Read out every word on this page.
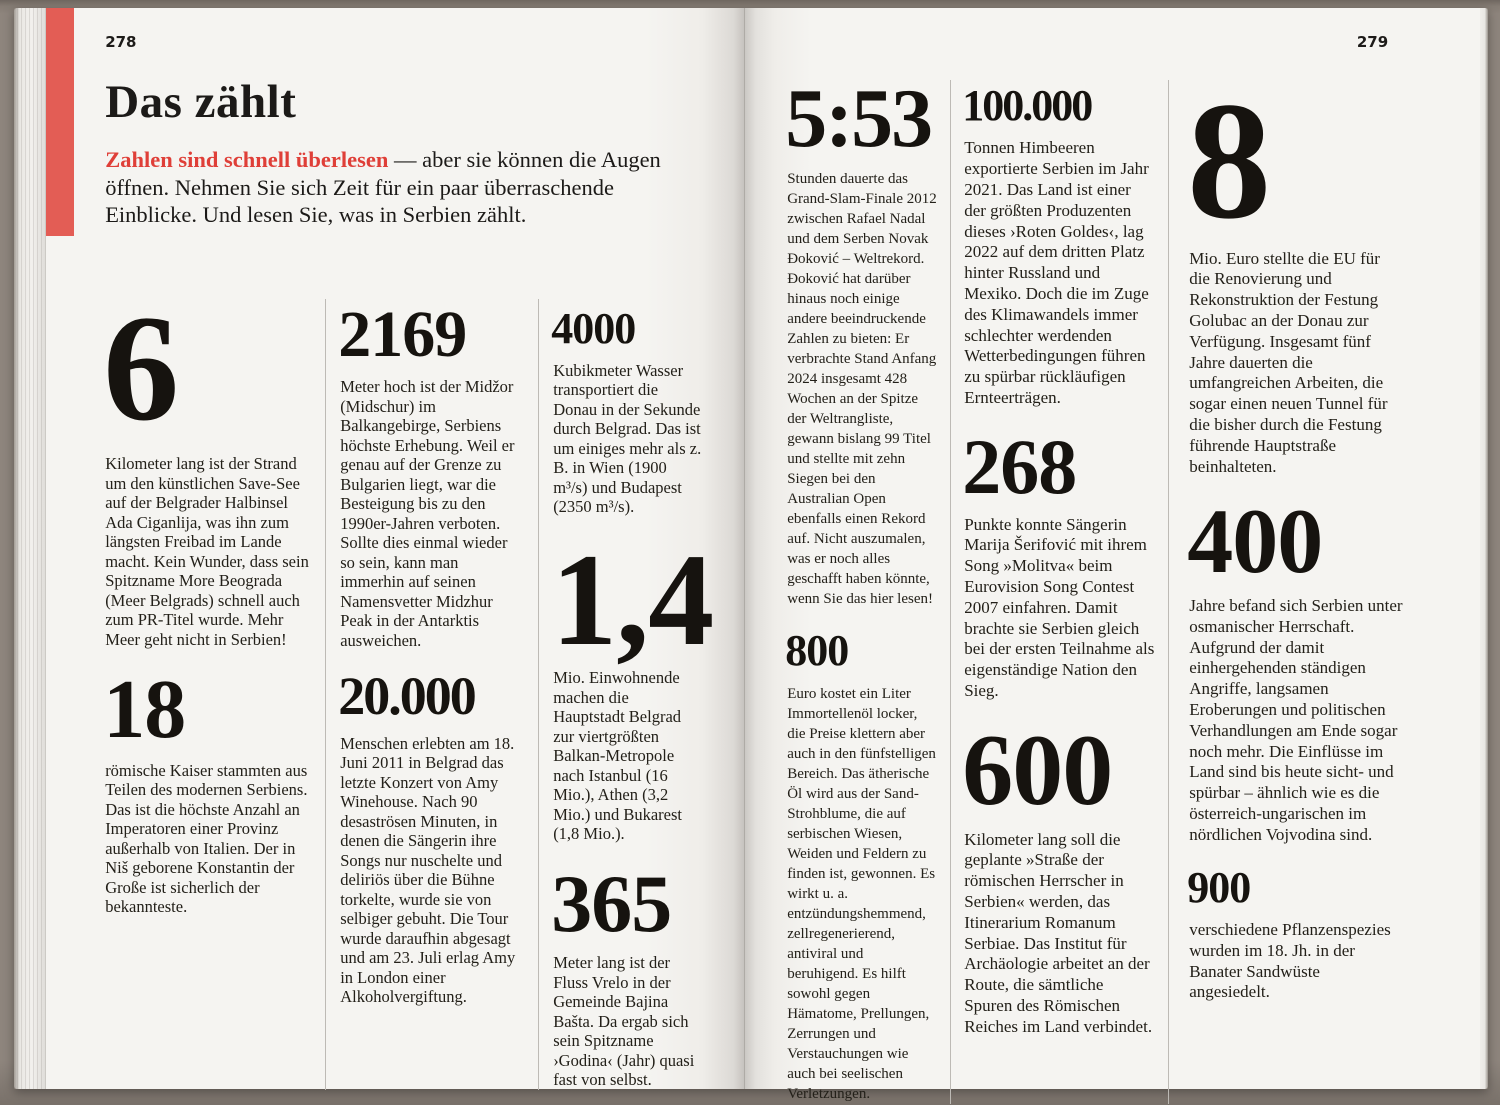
278
Das zählt

Zahlen sind schnell überlesen — aber sie können die Augen öffnen. Nehmen Sie sich Zeit für ein paar überraschende Einblicke. Und lesen Sie, was in Serbien zählt.

6

Kilometer lang ist der Strand um den künstlichen Save-See auf der Belgrader Halbinsel Ada Ciganlija, was ihn zum längsten Freibad im Lande macht. Kein Wunder, dass sein Spitzname More Beograda (Meer Belgrads) schnell auch zum PR-Titel wurde. Mehr Meer geht nicht in Serbien!

18

römische Kaiser stammten aus Teilen des modernen Serbiens. Das ist die höchste Anzahl an Imperatoren einer Provinz außerhalb von Italien. Der in Niš geborene Konstantin der Große ist sicherlich der bekannteste.

2169

Meter hoch ist der Midžor (Midschur) im Balkangebirge, Serbiens höchste Erhebung. Weil er genau auf der Grenze zu Bulgarien liegt, war die Besteigung bis zu den 1990er-Jahren verboten. Sollte dies einmal wieder so sein, kann man immerhin auf seinen Namensvetter Midzhur Peak in der Antarktis ausweichen.

20.000

Menschen erlebten am 18. Juni 2011 in Belgrad das letzte Konzert von Amy Winehouse. Nach 90 desaströsen Minuten, in denen die Sängerin ihre Songs nur nuschelte und deliriös über die Bühne torkelte, wurde sie von selbiger gebuht. Die Tour wurde daraufhin abgesagt und am 23. Juli erlag Amy in London einer Alkoholvergiftung.

4000

Kubikmeter Wasser transportiert die Donau in der Sekunde durch Belgrad. Das ist um einiges mehr als z. B. in Wien (1900 m³/s) und Budapest (2350 m³/s).

1,4

Mio. Einwohnende machen die Hauptstadt Belgrad zur viertgrößten Balkan-Metropole nach Istanbul (16 Mio.), Athen (3,2 Mio.) und Bukarest (1,8 Mio.).

365

Meter lang ist der Fluss Vrelo in der Gemeinde Bajina Bašta. Da ergab sich sein Spitzname ›Godina‹ (Jahr) quasi fast von selbst.

279
5:53

Stunden dauerte das Grand-Slam-Finale 2012 zwischen Rafael Nadal und dem Serben Novak Đoković – Weltrekord. Đoković hat darüber hinaus noch einige andere beeindruckende Zahlen zu bieten: Er verbrachte Stand Anfang 2024 insgesamt 428 Wochen an der Spitze der Weltrangliste, gewann bislang 99 Titel und stellte mit zehn Siegen bei den Australian Open ebenfalls einen Rekord auf. Nicht auszumalen, was er noch alles geschafft haben könnte, wenn Sie das hier lesen!

800

Euro kostet ein Liter Immortellenöl locker, die Preise klettern aber auch in den fünfstelligen Bereich. Das ätherische Öl wird aus der Sand-Strohblume, die auf serbischen Wiesen, Weiden und Feldern zu finden ist, gewonnen. Es wirkt u. a. entzündungshemmend, zellregenerierend, antiviral und beruhigend. Es hilft sowohl gegen Hämatome, Prellungen, Zerrungen und Verstauchungen wie auch bei seelischen Verletzungen.

100.000

Tonnen Himbeeren exportierte Serbien im Jahr 2021. Das Land ist einer der größten Produzenten dieses ›Roten Goldes‹, lag 2022 auf dem dritten Platz hinter Russland und Mexiko. Doch die im Zuge des Klimawandels immer schlechter werdenden Wetterbedingungen führen zu spürbar rückläufigen Ernteerträgen.

268

Punkte konnte Sängerin Marija Šerifović mit ihrem Song »Molitva« beim Eurovision Song Contest 2007 einfahren. Damit brachte sie Serbien gleich bei der ersten Teilnahme als eigenständige Nation den Sieg.

600

Kilometer lang soll die geplante »Straße der römischen Herrscher in Serbien« werden, das Itinerarium Romanum Serbiae. Das Institut für Archäologie arbeitet an der Route, die sämtliche Spuren des Römischen Reiches im Land verbindet.

8

Mio. Euro stellte die EU für die Renovierung und Rekonstruktion der Festung Golubac an der Donau zur Verfügung. Insgesamt fünf Jahre dauerten die umfangreichen Arbeiten, die sogar einen neuen Tunnel für die bisher durch die Festung führende Hauptstraße beinhalteten.

400

Jahre befand sich Serbien unter osmanischer Herrschaft. Aufgrund der damit einhergehenden ständigen Angriffe, langsamen Eroberungen und politischen Verhandlungen am Ende sogar noch mehr. Die Einflüsse im Land sind bis heute sicht- und spürbar – ähnlich wie es die österreich-ungarischen im nördlichen Vojvodina sind.

900

verschiedene Pflanzenspezies wurden im 18. Jh. in der Banater Sandwüste angesiedelt.
